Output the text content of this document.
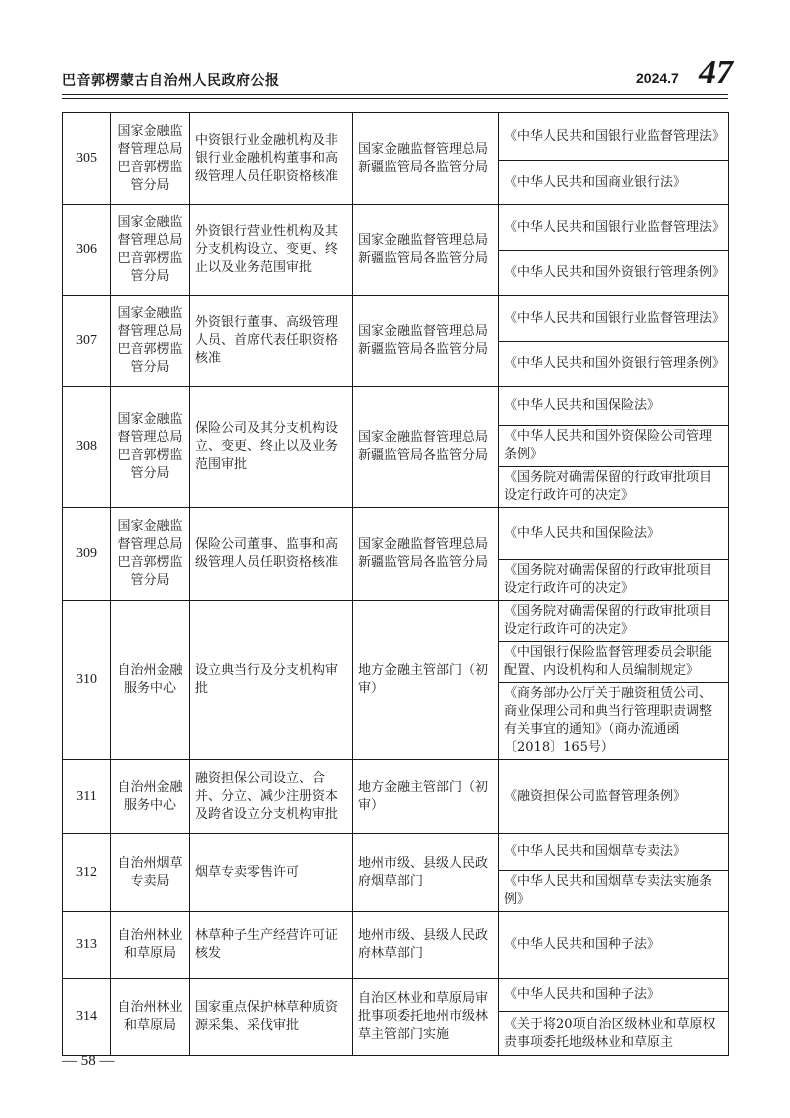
巴音郭楞蒙古自治州人民政府公报	2024.7 47
305	国家金融监督管理总局巴音郭楞监管分局	中资银行业金融机构及非银行业金融机构董事和高级管理人员任职资格核准	国家金融监督管理总局新疆监管局各监管分局	《中华人民共和国银行业监督管理法》
				《中华人民共和国商业银行法》
306	国家金融监督管理总局巴音郭楞监管分局	外资银行营业性机构及其分支机构设立、变更、终止以及业务范围审批	国家金融监督管理总局新疆监管局各监管分局	《中华人民共和国银行业监督管理法》
				《中华人民共和国外资银行管理条例》
307	国家金融监督管理总局巴音郭楞监管分局	外资银行董事、高级管理人员、首席代表任职资格核准	国家金融监督管理总局新疆监管局各监管分局	《中华人民共和国银行业监督管理法》
				《中华人民共和国外资银行管理条例》
308	国家金融监督管理总局巴音郭楞监管分局	保险公司及其分支机构设立、变更、终止以及业务范围审批	国家金融监督管理总局新疆监管局各监管分局	《中华人民共和国保险法》
				《中华人民共和国外资保险公司管理条例》
				《国务院对确需保留的行政审批项目设定行政许可的决定》
309	国家金融监督管理总局巴音郭楞监管分局	保险公司董事、监事和高级管理人员任职资格核准	国家金融监督管理总局新疆监管局各监管分局	《中华人民共和国保险法》
				《国务院对确需保留的行政审批项目设定行政许可的决定》
310	自治州金融服务中心	设立典当行及分支机构审批	地方金融主管部门（初审）	《国务院对确需保留的行政审批项目设定行政许可的决定》
				《中国银行保险监督管理委员会职能配置、内设机构和人员编制规定》
				《商务部办公厅关于融资租赁公司、商业保理公司和典当行管理职责调整有关事宜的通知》（商办流通函〔2018〕165号）
311	自治州金融服务中心	融资担保公司设立、合并、分立、减少注册资本及跨省设立分支机构审批	地方金融主管部门（初审）	《融资担保公司监督管理条例》
312	自治州烟草专卖局	烟草专卖零售许可	地州市级、县级人民政府烟草部门	《中华人民共和国烟草专卖法》
				《中华人民共和国烟草专卖法实施条例》
313	自治州林业和草原局	林草种子生产经营许可证核发	地州市级、县级人民政府林草部门	《中华人民共和国种子法》
314	自治州林业和草原局	国家重点保护林草种质资源采集、采伐审批	自治区林业和草原局审批事项委托地州市级林草主管部门实施	《中华人民共和国种子法》
				《关于将20项自治区级林业和草原权责事项委托地级林业和草原主
— 58 —
